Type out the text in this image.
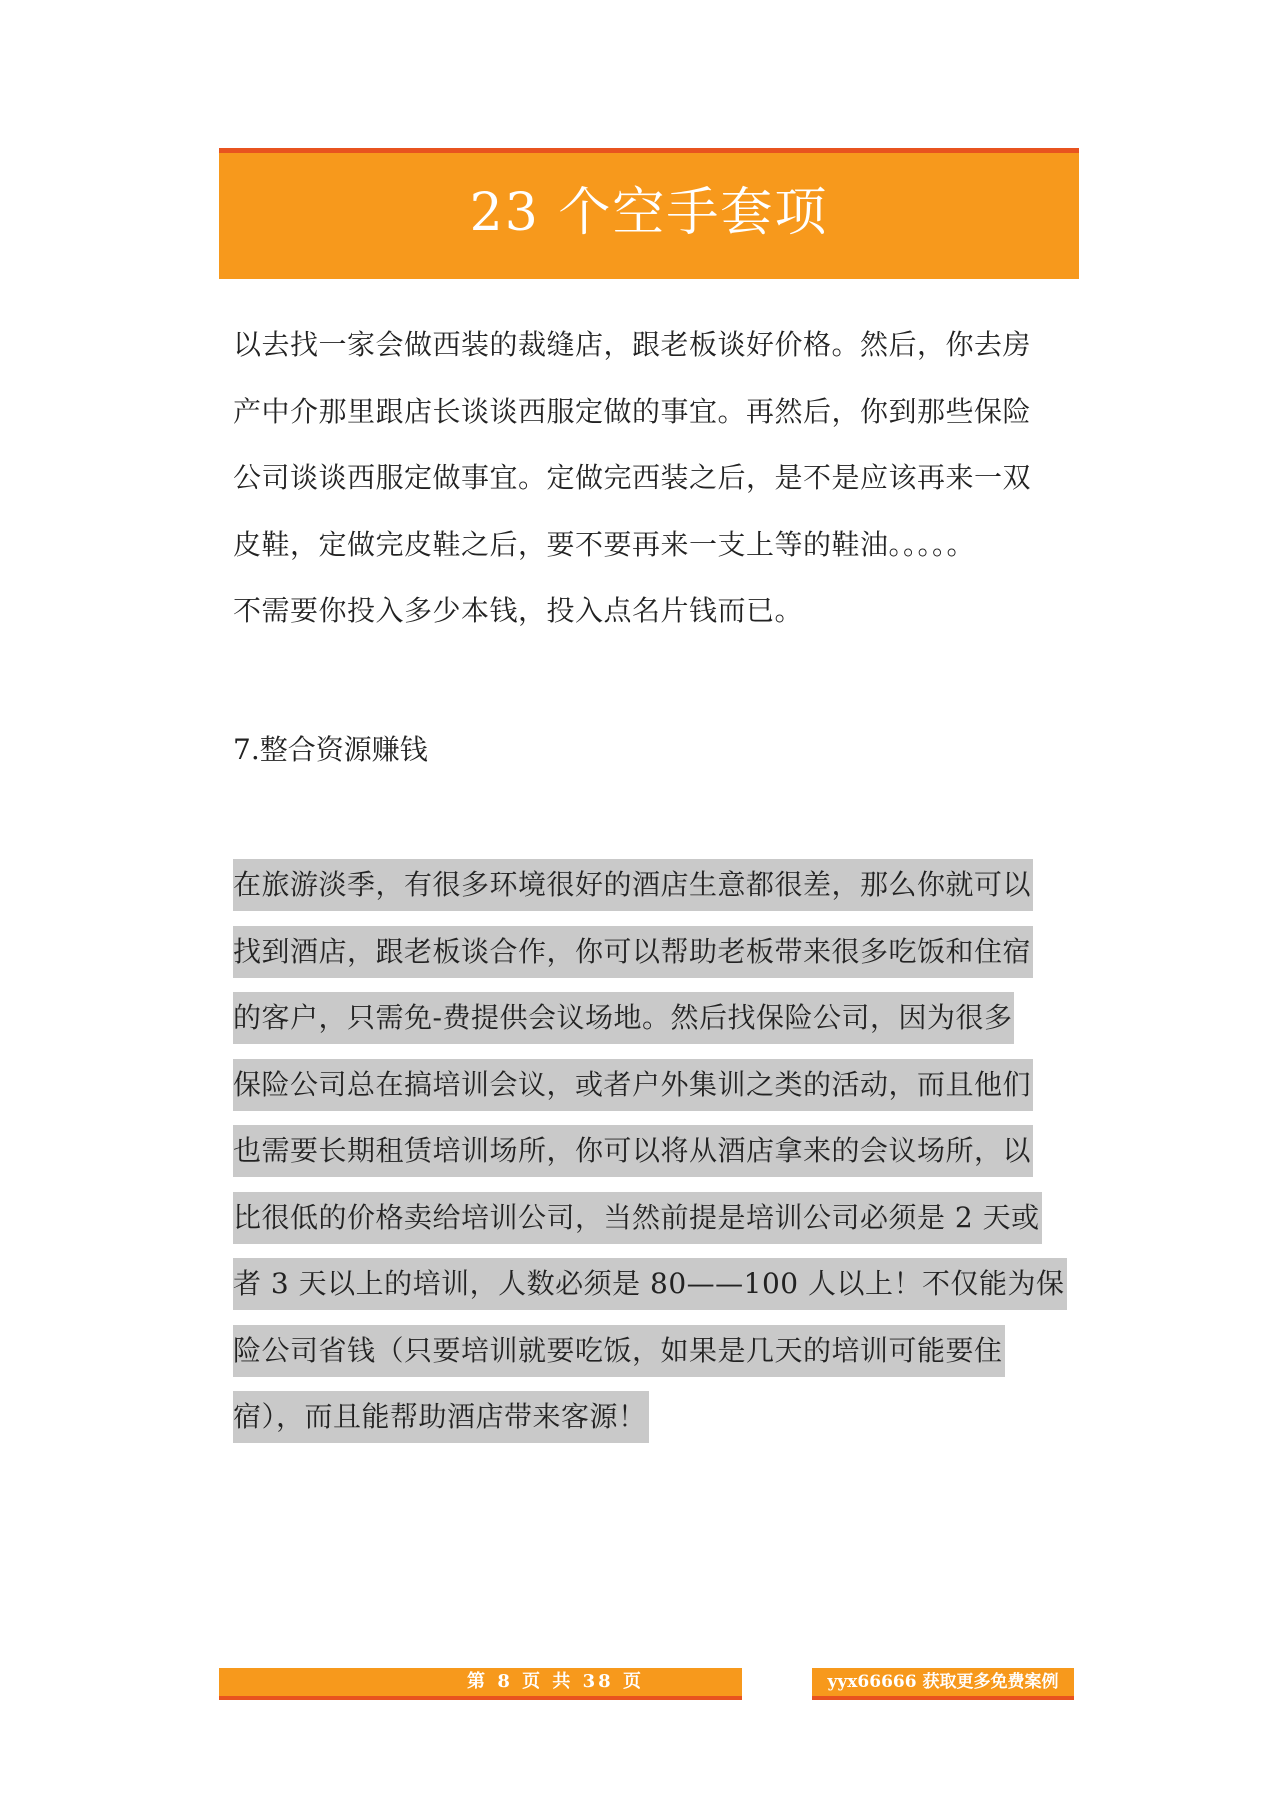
23 个空手套项
以去找一家会做西装的裁缝店，跟老板谈好价格。然后，你去房
产中介那里跟店长谈谈西服定做的事宜。再然后，你到那些保险
公司谈谈西服定做事宜。定做完西装之后，是不是应该再来一双
皮鞋，定做完皮鞋之后，要不要再来一支上等的鞋油。。。。。
不需要你投入多少本钱，投入点名片钱而已。
7.整合资源赚钱
在旅游淡季，有很多环境很好的酒店生意都很差，那么你就可以
找到酒店，跟老板谈合作，你可以帮助老板带来很多吃饭和住宿
的客户，只需免-费提供会议场地。然后找保险公司，因为很多
保险公司总在搞培训会议，或者户外集训之类的活动，而且他们
也需要长期租赁培训场所，你可以将从酒店拿来的会议场所，以
比很低的价格卖给培训公司，当然前提是培训公司必须是 2 天或
者 3 天以上的培训，人数必须是 80——100 人以上！不仅能为保
险公司省钱（只要培训就要吃饭，如果是几天的培训可能要住
宿），而且能帮助酒店带来客源！
第 8 页 共 38 页	yyx66666 获取更多免费案例
